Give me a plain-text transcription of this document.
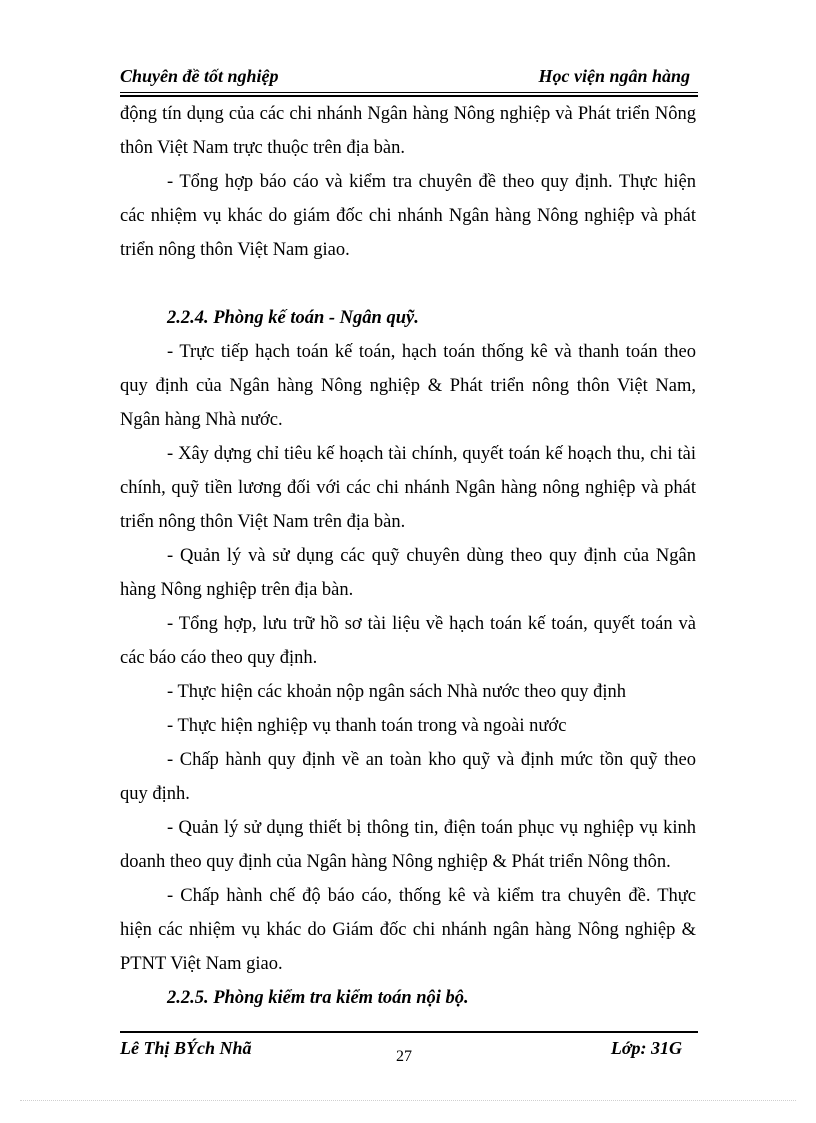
Chuyên đề tốt nghiệp	Học viện ngân hàng

động tín dụng của các chi nhánh Ngân hàng Nông nghiệp và Phát triển Nông thôn Việt Nam trực thuộc trên địa bàn.

- Tổng hợp báo cáo và kiểm tra chuyên đề theo quy định. Thực hiện các nhiệm vụ khác do giám đốc chi nhánh Ngân hàng Nông nghiệp và phát triển nông thôn Việt Nam giao.

2.2.4. Phòng kế toán - Ngân quỹ.

- Trực tiếp hạch toán kế toán, hạch toán thống kê và thanh toán theo quy định của Ngân hàng Nông nghiệp & Phát triển nông thôn Việt Nam, Ngân hàng Nhà nước.

- Xây dựng chỉ tiêu kế hoạch tài chính, quyết toán kế hoạch thu, chi tài chính, quỹ tiền lương đối với các chi nhánh Ngân hàng nông nghiệp và phát triển nông thôn Việt Nam trên địa bàn.

- Quản lý và sử dụng các quỹ chuyên dùng theo quy định của Ngân hàng Nông nghiệp trên địa bàn.

- Tổng hợp, lưu trữ hồ sơ tài liệu về hạch toán kế toán, quyết toán và các báo cáo theo quy định.

- Thực hiện các khoản nộp ngân sách Nhà nước theo quy định

- Thực hiện nghiệp vụ thanh toán trong và ngoài nước

- Chấp hành quy định về an toàn kho quỹ và định mức tồn quỹ theo quy định.

- Quản lý sử dụng thiết bị thông tin, điện toán phục vụ nghiệp vụ kinh doanh theo quy định của Ngân hàng Nông nghiệp & Phát triển Nông thôn.

- Chấp hành chế độ báo cáo, thống kê và kiểm tra chuyên đề. Thực hiện các nhiệm vụ khác do Giám đốc chi nhánh ngân hàng Nông nghiệp & PTNT Việt Nam giao.

2.2.5. Phòng kiểm tra kiểm toán nội bộ.

Lê Thị BÝch Nhã	27	Lớp: 31G
